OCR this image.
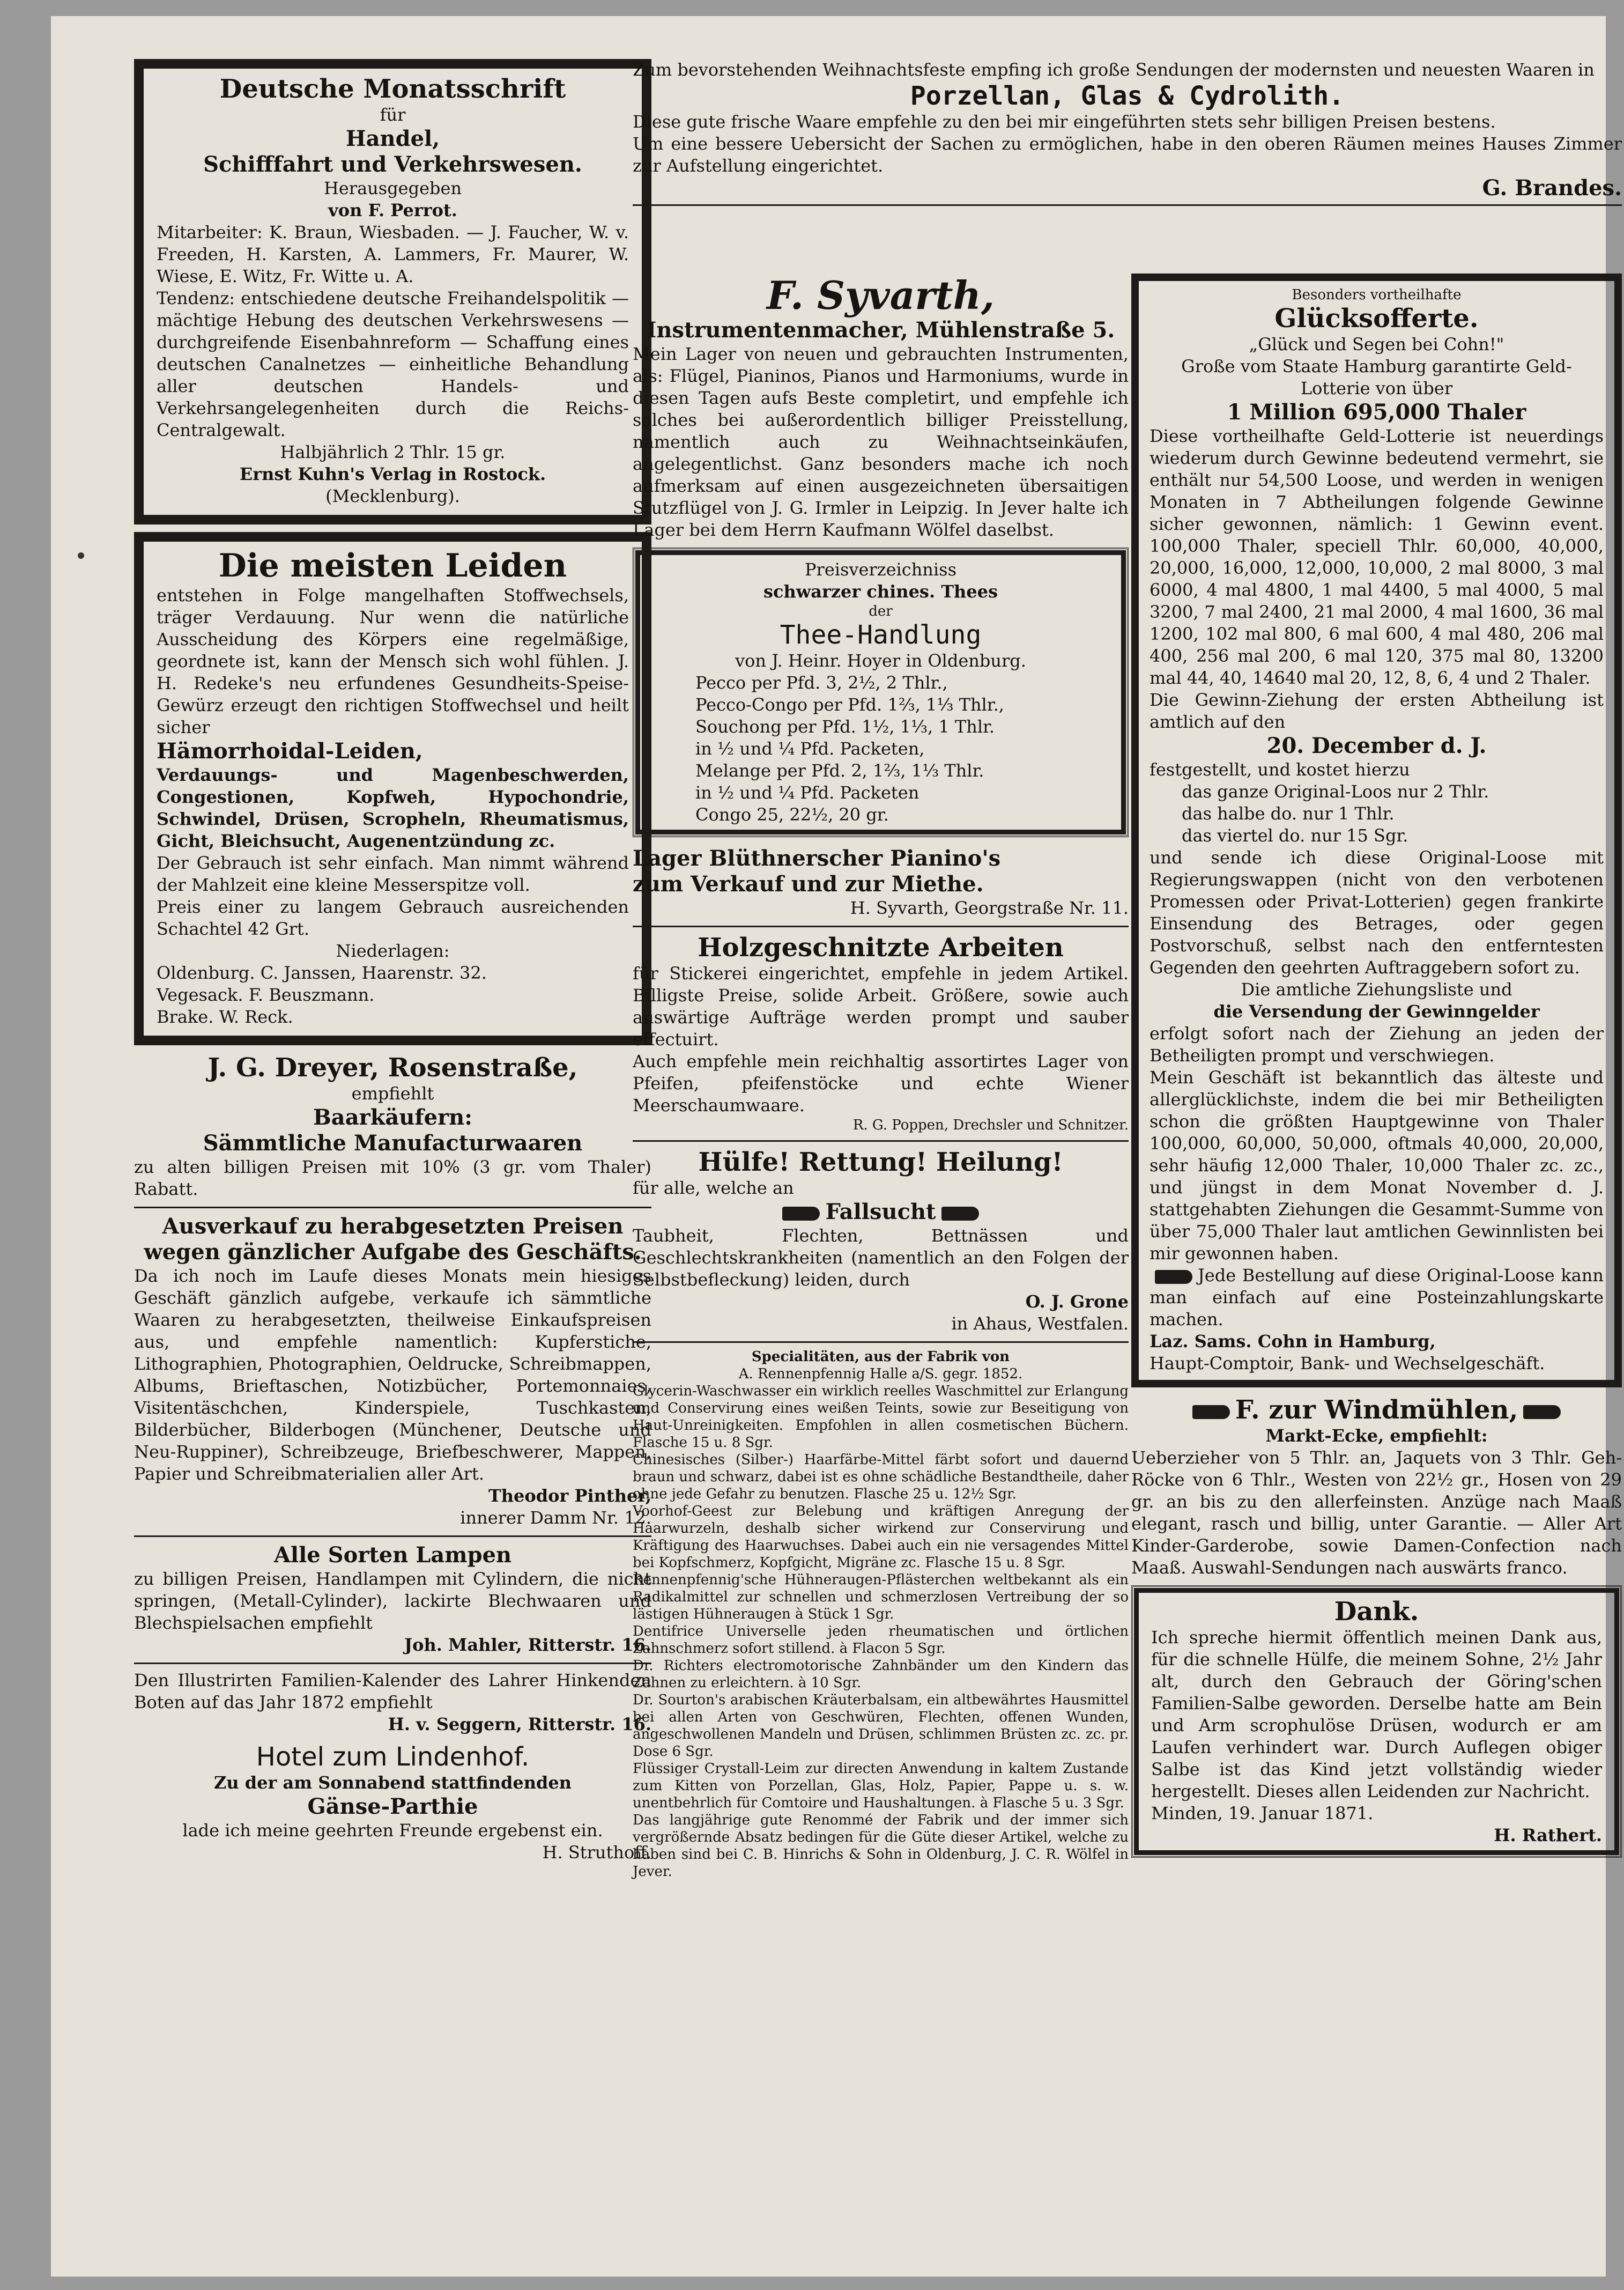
Deutsche Monatsschrift
für
Handel,
Schifffahrt und Verkehrswesen.
Herausgegeben
von F. Perrot.
Mitarbeiter: K. Braun, Wiesbaden. — J. Faucher, W. v. Freeden, H. Karsten, A. Lammers, Fr. Maurer, W. Wiese, E. Witz, Fr. Witte u. A.
Tendenz: entschiedene deutsche Freihandelspolitik — mächtige Hebung des deutschen Verkehrswesens — durchgreifende Eisenbahnreform — Schaffung eines deutschen Canalnetzes — einheitliche Behandlung aller deutschen Handels- und Verkehrsangelegenheiten durch die Reichs-Centralgewalt.
Halbjährlich 2 Thlr. 15 gr.
Ernst Kuhn's Verlag in Rostock.
(Mecklenburg).
Die meisten Leiden
entstehen in Folge mangelhaften Stoffwechsels, träger Verdauung. Nur wenn die natürliche Ausscheidung des Körpers eine regelmäßige, geordnete ist, kann der Mensch sich wohl fühlen. J. H. Redeke's neu erfundenes Gesundheits-Speise-Gewürz erzeugt den richtigen Stoffwechsel und heilt sicher
Hämorrhoidal-Leiden,
Verdauungs- und Magenbeschwerden, Congestionen, Kopfweh, Hypochondrie, Schwindel, Drüsen, Scropheln, Rheumatismus, Gicht, Bleichsucht, Augenentzündung zc.
Der Gebrauch ist sehr einfach. Man nimmt während der Mahlzeit eine kleine Messerspitze voll.
Preis einer zu langem Gebrauch ausreichenden Schachtel 42 Grt.
Niederlagen:
Oldenburg. C. Janssen, Haarenstr. 32.
Vegesack. F. Beuszmann.
Brake. W. Reck.
J. G. Dreyer, Rosenstraße,
empfiehlt
Baarkäufern:
Sämmtliche Manufacturwaaren
zu alten billigen Preisen mit 10% (3 gr. vom Thaler) Rabatt.
Ausverkauf zu herabgesetzten Preisen wegen gänzlicher Aufgabe des Geschäfts.
Da ich noch im Laufe dieses Monats mein hiesiges Geschäft gänzlich aufgebe, verkaufe ich sämmtliche Waaren zu herabgesetzten, theilweise Einkaufspreisen aus, und empfehle namentlich: Kupferstiche, Lithographien, Photographien, Oeldrucke, Schreibmappen, Albums, Brieftaschen, Notizbücher, Portemonnaies, Visitentäschchen, Kinderspiele, Tuschkasten, Bilderbücher, Bilderbogen (Münchener, Deutsche und Neu-Ruppiner), Schreibzeuge, Briefbeschwerer, Mappen, Papier und Schreibmaterialien aller Art.
Theodor Pinther,
innerer Damm Nr. 12.
Alle Sorten Lampen
zu billigen Preisen, Handlampen mit Cylindern, die nicht springen, (Metall-Cylinder), lackirte Blechwaaren und Blechspielsachen empfiehlt
Joh. Mahler, Ritterstr. 16.
Den Illustrirten Familien-Kalender des Lahrer Hinkenden Boten auf das Jahr 1872 empfiehlt
H. v. Seggern, Ritterstr. 16.
Hotel zum Lindenhof.
Zu der am Sonnabend stattfindenden
Gänse-Parthie
lade ich meine geehrten Freunde ergebenst ein.
H. Struthoff.
Zum bevorstehenden Weihnachtsfeste empfing ich große Sendungen der modernsten und neuesten Waaren in
Porzellan, Glas & Cydrolith.
Diese gute frische Waare empfehle zu den bei mir eingeführten stets sehr billigen Preisen bestens.
Um eine bessere Uebersicht der Sachen zu ermöglichen, habe in den oberen Räumen meines Hauses Zimmer zur Aufstellung eingerichtet.
G. Brandes.
F. Syvarth,
Instrumentenmacher, Mühlenstraße 5.
Mein Lager von neuen und gebrauchten Instrumenten, als: Flügel, Pianinos, Pianos und Harmoniums, wurde in diesen Tagen aufs Beste completirt, und empfehle ich solches bei außerordentlich billiger Preisstellung, namentlich auch zu Weihnachtseinkäufen, angelegentlichst. Ganz besonders mache ich noch aufmerksam auf einen ausgezeichneten übersaitigen Stutzflügel von J. G. Irmler in Leipzig. In Jever halte ich Lager bei dem Herrn Kaufmann Wölfel daselbst.
Preisverzeichniss
schwarzer chines. Thees
der
Thee-Handlung
von J. Heinr. Hoyer in Oldenburg.
Pecco per Pfd. 3, 2½, 2 Thlr.,
Pecco-Congo per Pfd. 1⅔, 1⅓ Thlr.,
Souchong per Pfd. 1½, 1⅓, 1 Thlr.
in ½ und ¼ Pfd. Packeten,
Melange per Pfd. 2, 1⅔, 1⅓ Thlr.
in ½ und ¼ Pfd. Packeten
Congo 25, 22½, 20 gr.
Lager Blüthnerscher Pianino's
zum Verkauf und zur Miethe.
H. Syvarth, Georgstraße Nr. 11.
Holzgeschnitzte Arbeiten
für Stickerei eingerichtet, empfehle in jedem Artikel. Billigste Preise, solide Arbeit. Größere, sowie auch auswärtige Aufträge werden prompt und sauber effectuirt.
Auch empfehle mein reichhaltig assortirtes Lager von Pfeifen, pfeifenstöcke und echte Wiener Meerschaumwaare.
R. G. Poppen, Drechsler und Schnitzer.
Hülfe! Rettung! Heilung!
für alle, welche an
Fallsucht
Taubheit, Flechten, Bettnässen und Geschlechtskrankheiten (namentlich an den Folgen der Selbstbefleckung) leiden, durch
O. J. Grone
in Ahaus, Westfalen.
Specialitäten, aus der Fabrik von
A. Rennenpfennig Halle a/S. gegr. 1852.
Glycerin-Waschwasser ein wirklich reelles Waschmittel zur Erlangung und Conservirung eines weißen Teints, sowie zur Beseitigung von Haut-Unreinigkeiten. Empfohlen in allen cosmetischen Büchern. Flasche 15 u. 8 Sgr.
Chinesisches (Silber-) Haarfärbe-Mittel färbt sofort und dauernd braun und schwarz, dabei ist es ohne schädliche Bestandtheile, daher ohne jede Gefahr zu benutzen. Flasche 25 u. 12½ Sgr.
Voorhof-Geest zur Belebung und kräftigen Anregung der Haarwurzeln, deshalb sicher wirkend zur Conservirung und Kräftigung des Haarwuchses. Dabei auch ein nie versagendes Mittel bei Kopfschmerz, Kopfgicht, Migräne zc. Flasche 15 u. 8 Sgr.
Rennenpfennig'sche Hühneraugen-Pflästerchen weltbekannt als ein Radikalmittel zur schnellen und schmerzlosen Vertreibung der so lästigen Hühneraugen à Stück 1 Sgr.
Dentifrice Universelle jeden rheumatischen und örtlichen Zahnschmerz sofort stillend. à Flacon 5 Sgr.
Dr. Richters electromotorische Zahnbänder um den Kindern das Zahnen zu erleichtern. à 10 Sgr.
Dr. Sourton's arabischen Kräuterbalsam, ein altbewährtes Hausmittel bei allen Arten von Geschwüren, Flechten, offenen Wunden, angeschwollenen Mandeln und Drüsen, schlimmen Brüsten zc. zc. pr. Dose 6 Sgr.
Flüssiger Crystall-Leim zur directen Anwendung in kaltem Zustande zum Kitten von Porzellan, Glas, Holz, Papier, Pappe u. s. w. unentbehrlich für Comtoire und Haushaltungen. à Flasche 5 u. 3 Sgr.
Das langjährige gute Renommé der Fabrik und der immer sich vergrößernde Absatz bedingen für die Güte dieser Artikel, welche zu haben sind bei C. B. Hinrichs & Sohn in Oldenburg, J. C. R. Wölfel in Jever.
Besonders vortheilhafte
Glücksofferte.
„Glück und Segen bei Cohn!"
Große vom Staate Hamburg garantirte Geld-Lotterie von über
1 Million 695,000 Thaler
Diese vortheilhafte Geld-Lotterie ist neuerdings wiederum durch Gewinne bedeutend vermehrt, sie enthält nur 54,500 Loose, und werden in wenigen Monaten in 7 Abtheilungen folgende Gewinne sicher gewonnen, nämlich: 1 Gewinn event. 100,000 Thaler, speciell Thlr. 60,000, 40,000, 20,000, 16,000, 12,000, 10,000, 2 mal 8000, 3 mal 6000, 4 mal 4800, 1 mal 4400, 5 mal 4000, 5 mal 3200, 7 mal 2400, 21 mal 2000, 4 mal 1600, 36 mal 1200, 102 mal 800, 6 mal 600, 4 mal 480, 206 mal 400, 256 mal 200, 6 mal 120, 375 mal 80, 13200 mal 44, 40, 14640 mal 20, 12, 8, 6, 4 und 2 Thaler.
Die Gewinn-Ziehung der ersten Abtheilung ist amtlich auf den
20. December d. J.
festgestellt, und kostet hierzu
das ganze Original-Loos nur 2 Thlr.
das halbe do. nur 1 Thlr.
das viertel do. nur 15 Sgr.
und sende ich diese Original-Loose mit Regierungswappen (nicht von den verbotenen Promessen oder Privat-Lotterien) gegen frankirte Einsendung des Betrages, oder gegen Postvorschuß, selbst nach den entferntesten Gegenden den geehrten Auftraggebern sofort zu.
Die amtliche Ziehungsliste und
die Versendung der Gewinngelder
erfolgt sofort nach der Ziehung an jeden der Betheiligten prompt und verschwiegen.
Mein Geschäft ist bekanntlich das älteste und allerglücklichste, indem die bei mir Betheiligten schon die größten Hauptgewinne von Thaler 100,000, 60,000, 50,000, oftmals 40,000, 20,000, sehr häufig 12,000 Thaler, 10,000 Thaler zc. zc., und jüngst in dem Monat November d. J. stattgehabten Ziehungen die Gesammt-Summe von über 75,000 Thaler laut amtlichen Gewinnlisten bei mir gewonnen haben.
Jede Bestellung auf diese Original-Loose kann man einfach auf eine Posteinzahlungskarte machen.
Laz. Sams. Cohn in Hamburg,
Haupt-Comptoir, Bank- und Wechselgeschäft.
F. zur Windmühlen,
Markt-Ecke, empfiehlt:
Ueberzieher von 5 Thlr. an, Jaquets von 3 Thlr. Geh-Röcke von 6 Thlr., Westen von 22½ gr., Hosen von 29 gr. an bis zu den allerfeinsten. Anzüge nach Maaß elegant, rasch und billig, unter Garantie. — Aller Art Kinder-Garderobe, sowie Damen-Confection nach Maaß. Auswahl-Sendungen nach auswärts franco.
Dank.
Ich spreche hiermit öffentlich meinen Dank aus, für die schnelle Hülfe, die meinem Sohne, 2½ Jahr alt, durch den Gebrauch der Göring'schen Familien-Salbe geworden. Derselbe hatte am Bein und Arm scrophulöse Drüsen, wodurch er am Laufen verhindert war. Durch Auflegen obiger Salbe ist das Kind jetzt vollständig wieder hergestellt. Dieses allen Leidenden zur Nachricht.
Minden, 19. Januar 1871.
H. Rathert.
